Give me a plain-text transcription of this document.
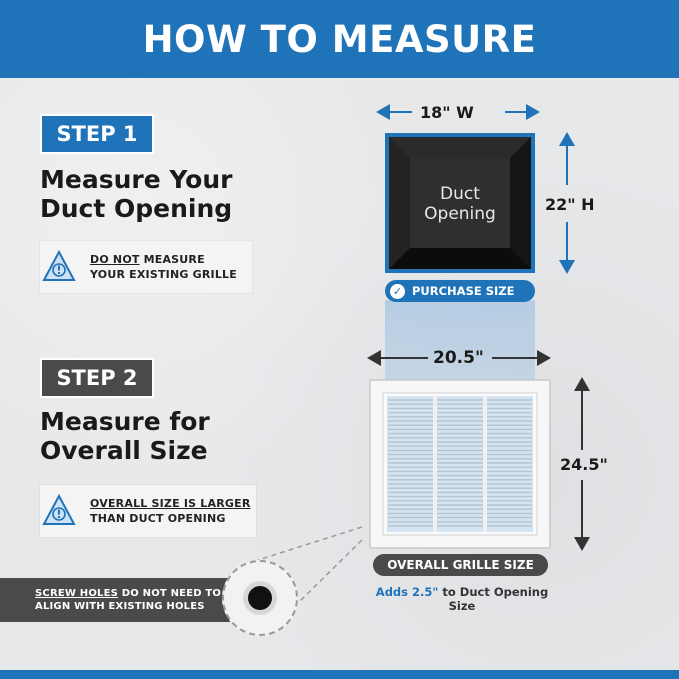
HOW TO MEASURE
STEP 1
Measure Your
Duct Opening
DO NOT MEASURE
YOUR EXISTING GRILLE
STEP 2
Measure for
Overall Size
OVERALL SIZE IS LARGER
THAN DUCT OPENING
SCREW HOLES DO NOT NEED TO
ALIGN WITH EXISTING HOLES
18" W
22" H
Duct
Opening
✓ PURCHASE SIZE
20.5"
24.5"
OVERALL GRILLE SIZE
Adds 2.5" to Duct Opening Size
